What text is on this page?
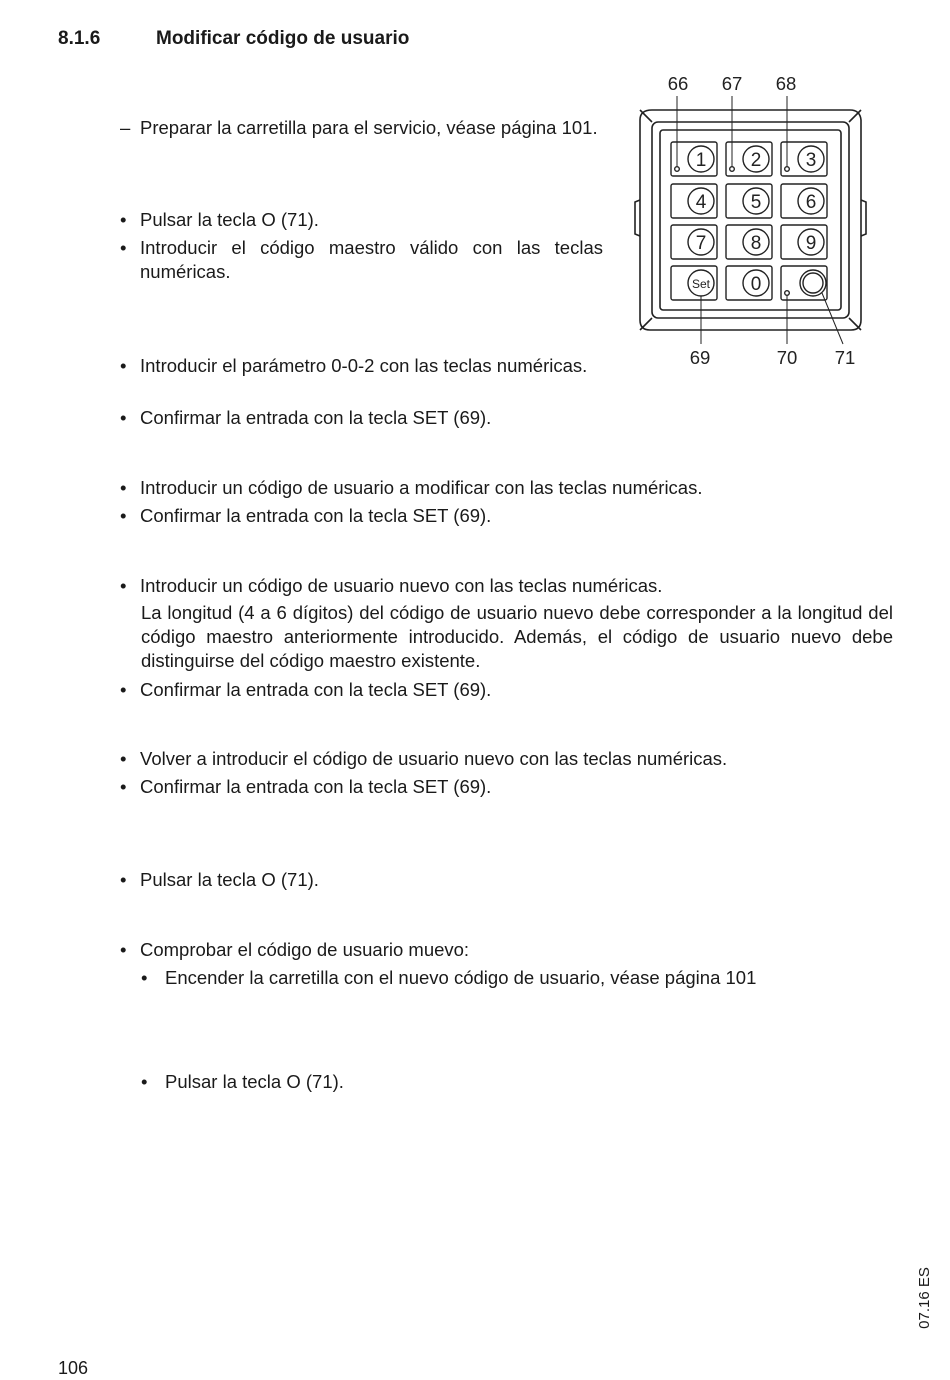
8.1.6	Modificar código de usuario
– Preparar la carretilla para el servicio, véase página 101.
• Pulsar la tecla O (71).
• Introducir el código maestro válido con las teclas numéricas.
• Introducir el parámetro 0-0-2 con las teclas numéricas.
• Confirmar la entrada con la tecla SET (69).
• Introducir un código de usuario a modificar con las teclas numéricas.
• Confirmar la entrada con la tecla SET (69).
• Introducir un código de usuario nuevo con las teclas numéricas.
La longitud (4 a 6 dígitos) del código de usuario nuevo debe corresponder a la longitud del código maestro anteriormente introducido. Además, el código de usuario nuevo debe distinguirse del código maestro existente.
• Confirmar la entrada con la tecla SET (69).
• Volver a introducir el código de usuario nuevo con las teclas numéricas.
• Confirmar la entrada con la tecla SET (69).
• Pulsar la tecla O (71).
• Comprobar el código de usuario muevo:
• Encender la carretilla con el nuevo código de usuario, véase página 101
• Pulsar la tecla O (71).
1 2 3
4 5 6
7 8 9
Set 0
66 67 68
69	70 71
106
07.16 ES
